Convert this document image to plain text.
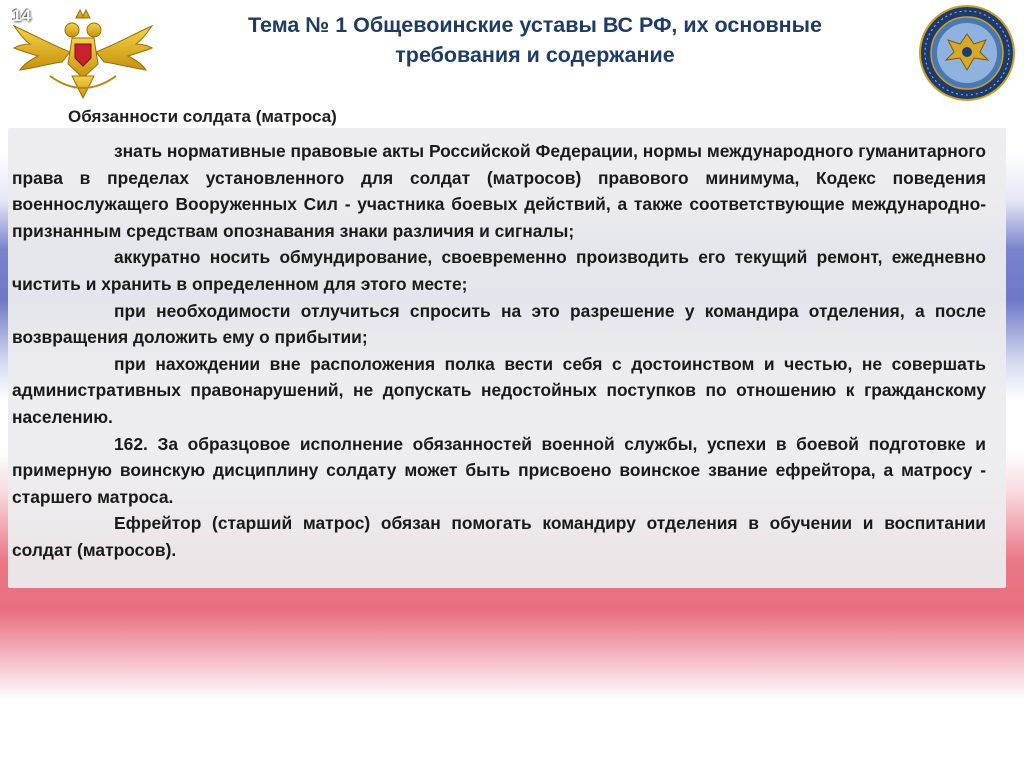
14	Тема № 1 Общевоинские уставы ВС РФ, их основные
требования и содержание
Обязанности солдата (матроса)

знать нормативные правовые акты Российской Федерации, нормы международного гуманитарного права в пределах установленного для солдат (матросов) правового минимума, Кодекс поведения военнослужащего Вооруженных Сил - участника боевых действий, а также соответствующие международно-признанным средствам опознавания знаки различия и сигналы;

аккуратно носить обмундирование, своевременно производить его текущий ремонт, ежедневно чистить и хранить в определенном для этого месте;

при необходимости отлучиться спросить на это разрешение у командира отделения, а после возвращения доложить ему о прибытии;

при нахождении вне расположения полка вести себя с достоинством и честью, не совершать административных правонарушений, не допускать недостойных поступков по отношению к гражданскому населению.

162. За образцовое исполнение обязанностей военной службы, успехи в боевой подготовке и примерную воинскую дисциплину солдату может быть присвоено воинское звание ефрейтора, а матросу - старшего матроса.

Ефрейтор (старший матрос) обязан помогать командиру отделения в обучении и воспитании солдат (матросов).
